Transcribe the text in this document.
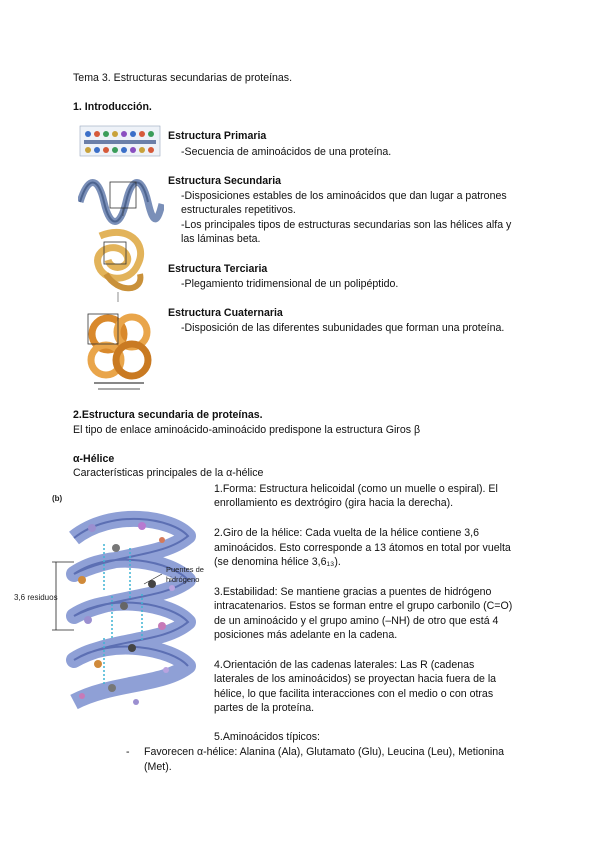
Tema 3. Estructuras secundarias de proteínas.
1. Introducción.
Estructura Primaria
-Secuencia de aminoácidos de una proteína.
Estructura Secundaria
-Disposiciones estables de los aminoácidos que dan lugar a patrones
estructurales repetitivos.
-Los principales tipos de estructuras secundarias son las hélices alfa y
las láminas beta.
Estructura Terciaria
-Plegamiento tridimensional de un polipéptido.
Estructura Cuaternaria
-Disposición de las diferentes subunidades que forman una proteína.
2.Estructura secundaria de proteínas.
El tipo de enlace aminoácido-aminoácido predispone la estructura Giros β
α-Hélice
Características principales de la α-hélice
(b)
3,6 residuos
Puentes de
hidrógeno
1.Forma: Estructura helicoidal (como un muelle o espiral). El
enrollamiento es dextrógiro (gira hacia la derecha).
2.Giro de la hélice: Cada vuelta de la hélice contiene 3,6
aminoácidos. Esto corresponde a 13 átomos en total por vuelta
(se denomina hélice 3,6₁₃).
3.Estabilidad: Se mantiene gracias a puentes de hidrógeno
intracatenarios. Estos se forman entre el grupo carbonilo (C=O)
de un aminoácido y el grupo amino (–NH) de otro que está 4
posiciones más adelante en la cadena.
4.Orientación de las cadenas laterales: Las R (cadenas
laterales de los aminoácidos) se proyectan hacia fuera de la
hélice, lo que facilita interacciones con el medio o con otras
partes de la proteína.
5.Aminoácidos típicos:
- Favorecen α-hélice: Alanina (Ala), Glutamato (Glu), Leucina (Leu), Metionina
(Met).
